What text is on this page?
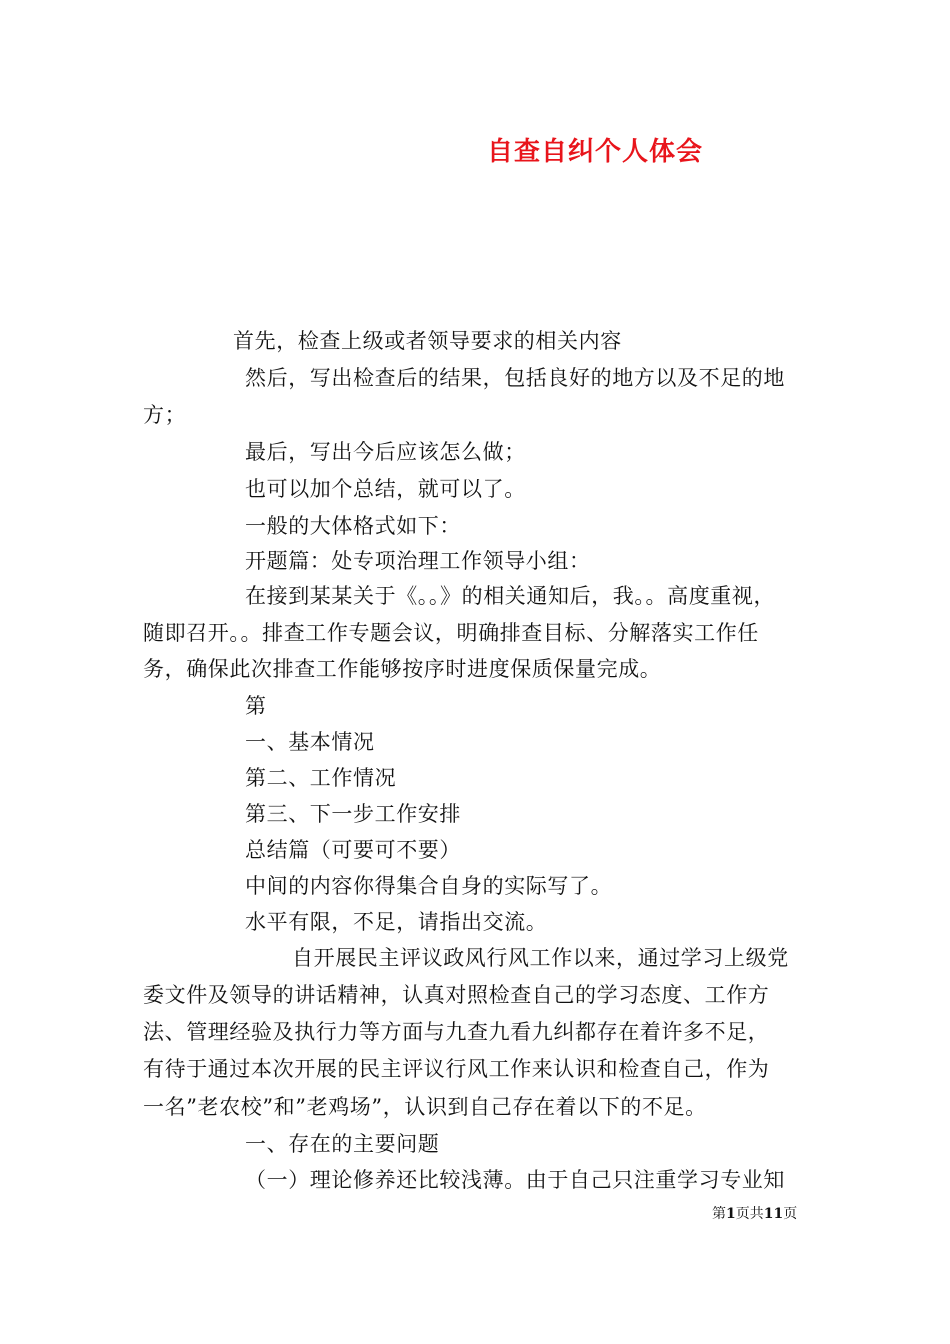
自查自纠个人体会
首先，检查上级或者领导要求的相关内容
然后，写出检查后的结果，包括良好的地方以及不足的地
方；
最后，写出今后应该怎么做；
也可以加个总结，就可以了。
一般的大体格式如下：
开题篇：处专项治理工作领导小组：
在接到某某关于《。。》的相关通知后，我。。高度重视，
随即召开。。排查工作专题会议，明确排查目标、分解落实工作任
务，确保此次排查工作能够按序时进度保质保量完成。
第
一、基本情况
第二、工作情况
第三、下一步工作安排
总结篇（可要可不要）
中间的内容你得集合自身的实际写了。
水平有限，不足，请指出交流。
自开展民主评议政风行风工作以来，通过学习上级党
委文件及领导的讲话精神，认真对照检查自己的学习态度、工作方
法、管理经验及执行力等方面与九查九看九纠都存在着许多不足，
有待于通过本次开展的民主评议行风工作来认识和检查自己，作为
一名”老农校”和”老鸡场”，认识到自己存在着以下的不足。
一、存在的主要问题
（一）理论修养还比较浅薄。由于自己只注重学习专业知
第1页共11页
